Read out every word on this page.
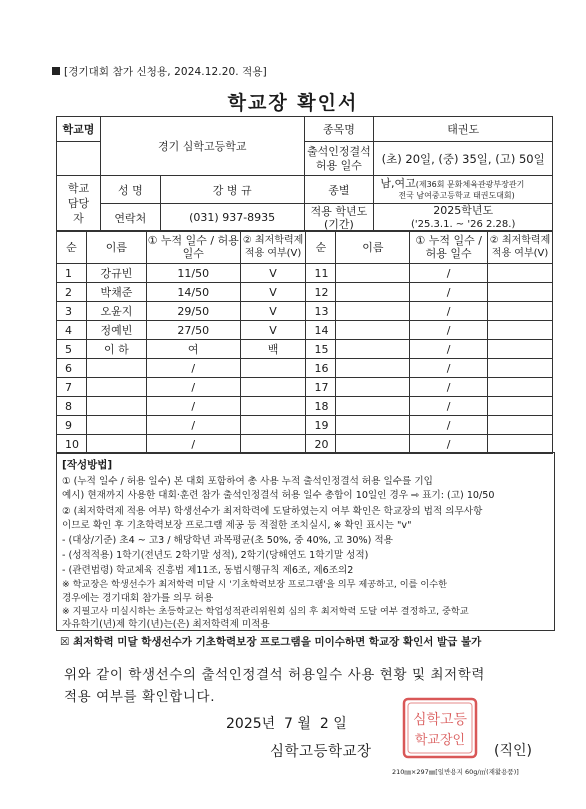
[경기대회 참가 신청용, 2024.12.20. 적용]
학교장 확인서
학교명	경기 심학고등학교		종목명	태권도
			출석인정결석 허용 일수	(초) 20일, (중) 35일, (고) 50일
학교 담당자	성 명	강 병 규	종별	남,여고(제36회 문화체육관광부장관기
전국 남여중고등학교 태권도대회)
	연락처	(031) 937-8935	적용 학년도 (기간)	2025학년도
('25.3.1. ~ '26 2.28.)
순	이름	① 누적 일수 / 허용 일수	② 최저학력제 적용 여부(V)	순	이름	① 누적 일수 / 허용 일수	② 최저학력제 적용 여부(V)
1	강규빈	11/50	V	11		/	
2	박채준	14/50	V	12		/	
3	오윤지	29/50	V	13		/	
4	정예빈	27/50	V	14		/	
5	이 하	여	백	15		/	
6		/		16		/	
7		/		17		/	
8		/		18		/	
9		/		19		/	
10		/		20		/	
[작성방법]
① (누적 일수 / 허용 일수) 본 대회 포함하여 총 사용 누적 출석인정결석 허용 일수를 기입
예시) 현재까지 사용한 대회·훈련 참가 출석인정결석 허용 일수 총합이 10일인 경우 ⇨ 표기: (고) 10/50
② (최저학력제 적용 여부) 학생선수가 최저학력에 도달하였는지 여부 확인은 학교장의 법적 의무사항
이므로 확인 후 기초학력보장 프로그램 제공 등 적절한 조치실시, ※ 확인 표시는 "v"
- (대상/기준) 초4 ~ 고3 / 해당학년 과목평균(초 50%, 중 40%, 고 30%) 적용
- (성적적용) 1학기(전년도 2학기말 성적), 2학기(당해연도 1학기말 성적)
- (관련법령) 학교체육 진흥법 제11조, 동법시행규칙 제6조, 제6조의2
※ 학교장은 학생선수가 최저학력 미달 시 '기초학력보장 프로그램'을 의무 제공하고, 이를 이수한
경우에는 경기대회 참가를 의무 허용
※ 지필고사 미실시하는 초등학교는 학업성적관리위원회 심의 후 최저학력 도달 여부 결정하고, 중학교
자유학기(년)제 학기(년)는(은) 최저학력제 미적용
☒ 최저학력 미달 학생선수가 기초학력보장 프로그램을 미이수하면 학교장 확인서 발급 불가
위와 같이 학생선수의 출석인정결석 허용일수 사용 현황 및 최저학력
적용 여부를 확인합니다.
2025년  7 월  2 일
심학고등학교장
심학고등
학교장인
(직인)
210㎜×297㎜[일반용지 60g/㎡(재활용품)]
